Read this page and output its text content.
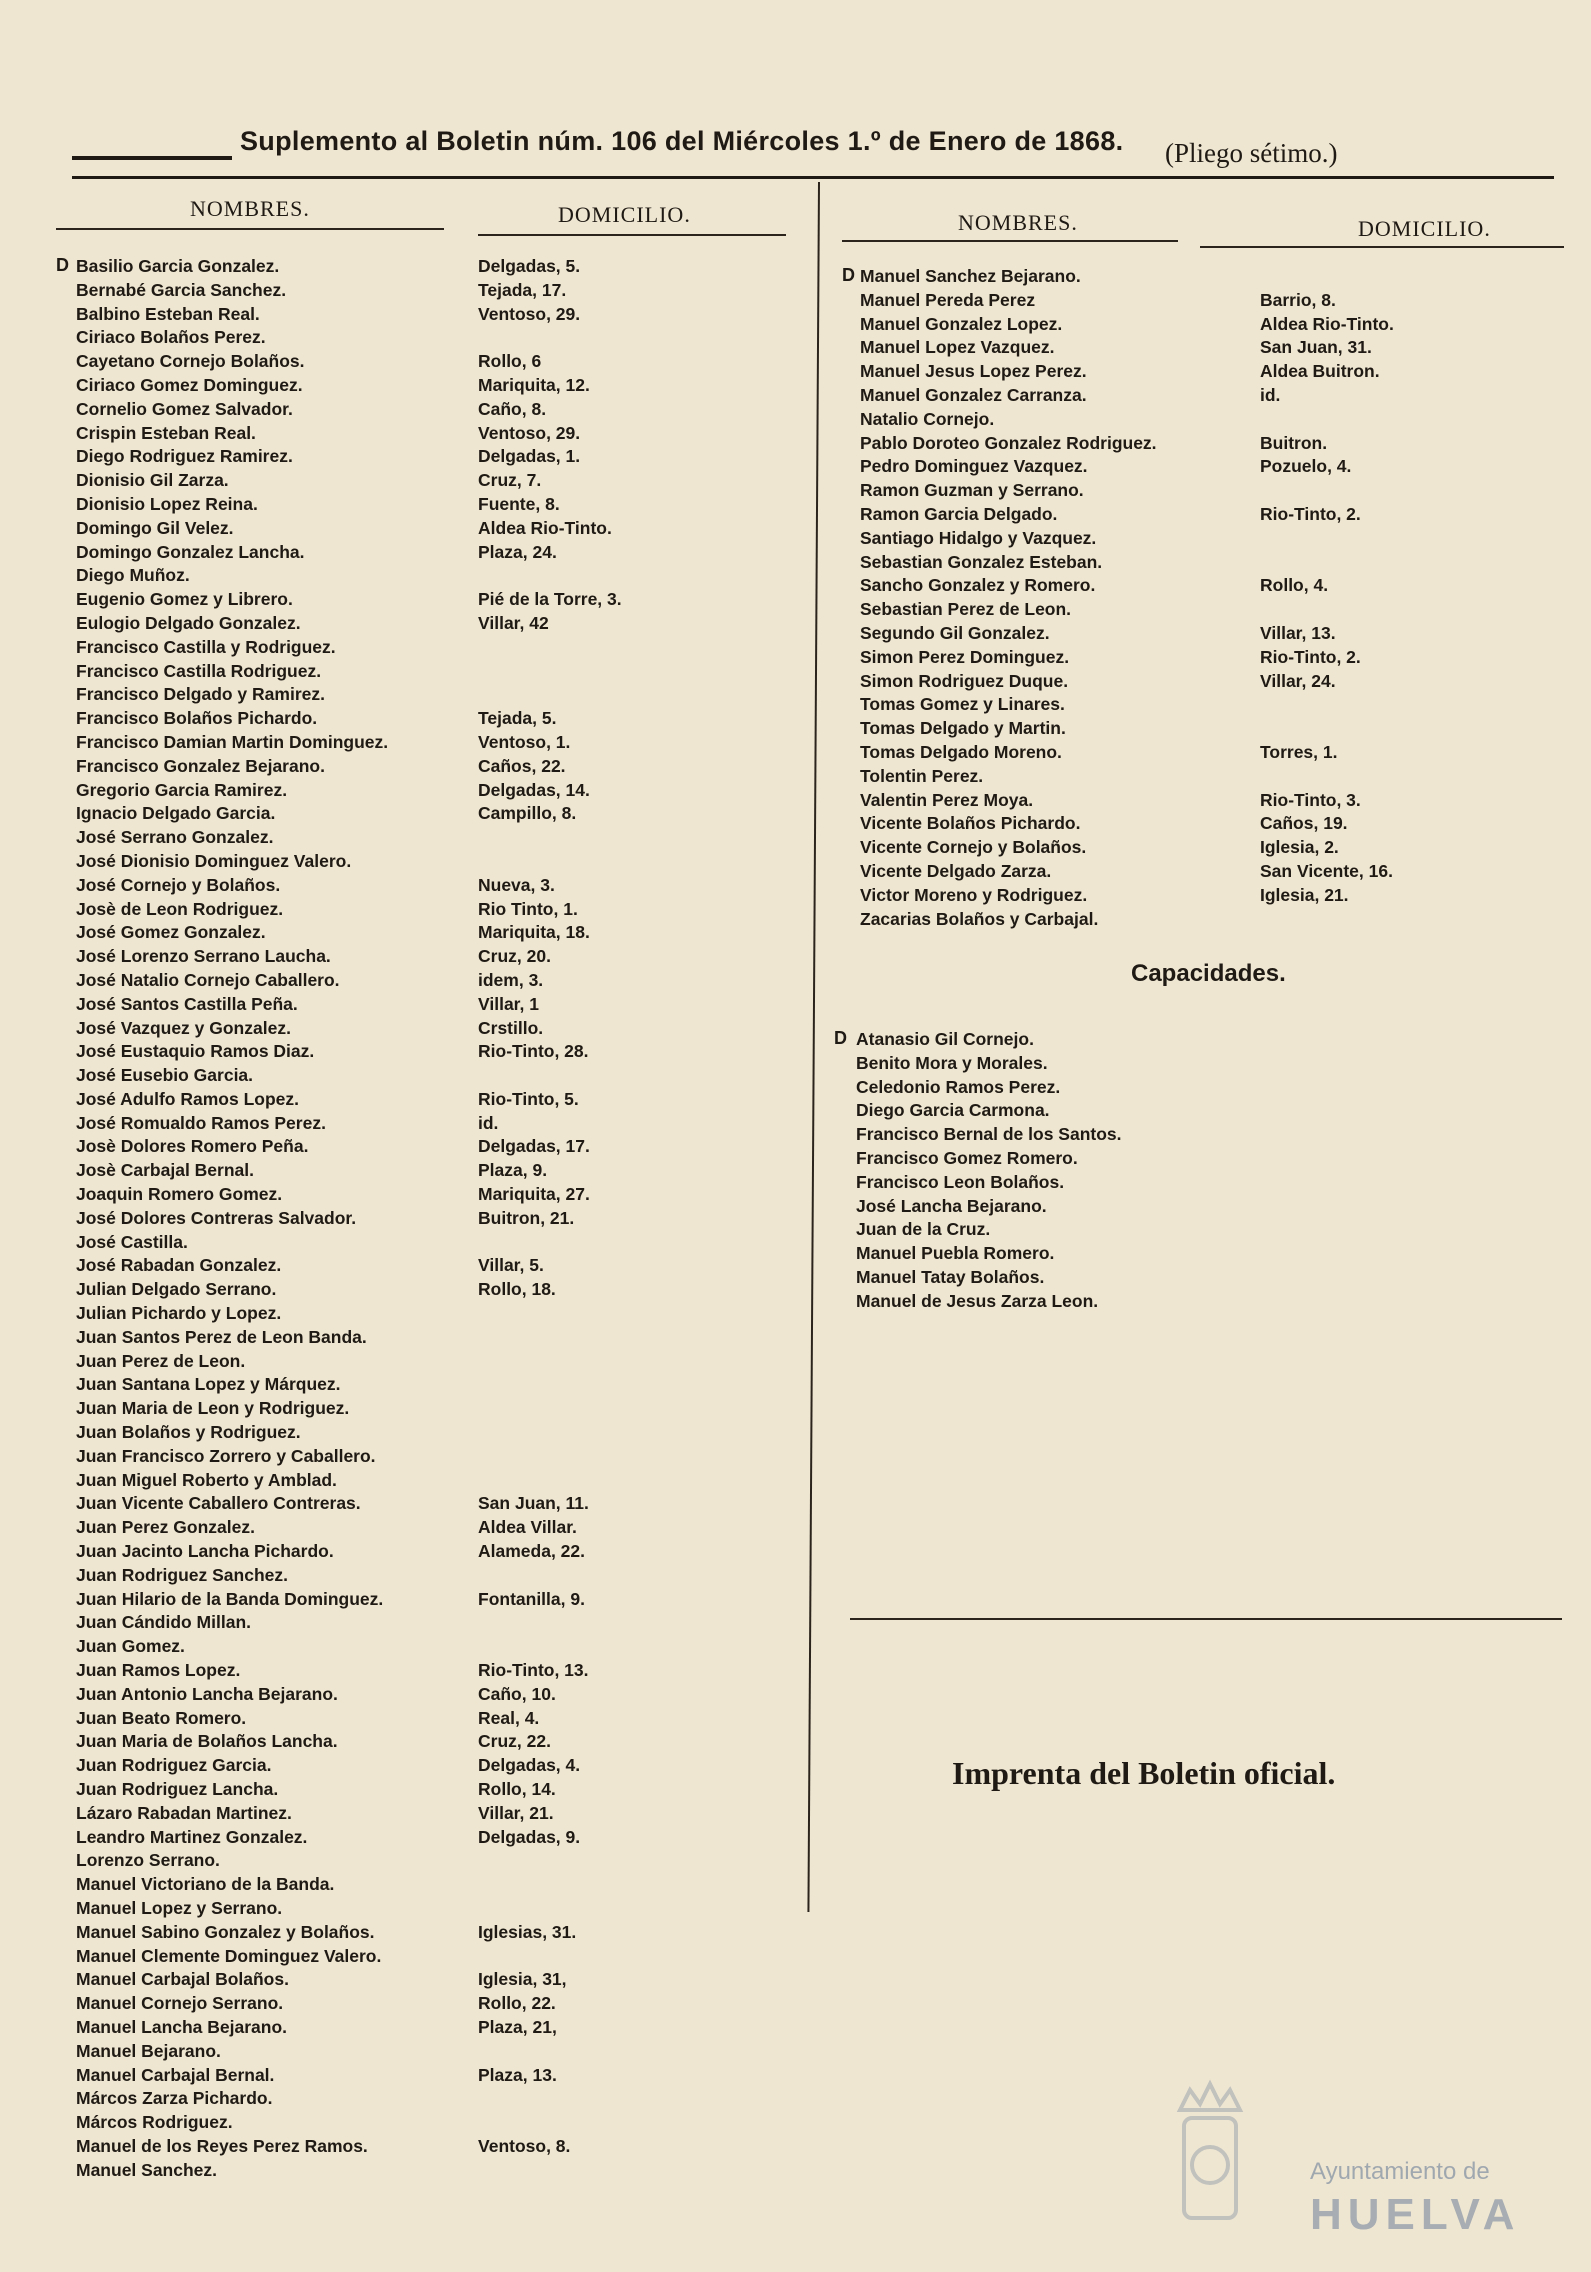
Suplemento al Boletin núm. 106 del Miércoles 1.º de Enero de 1868. (Pliego sétimo.)
NOMBRES.	DOMICILIO.	NOMBRES.	DOMICILIO.
D Basilio Garcia Gonzalez.	Delgadas, 5.
Bernabé Garcia Sanchez.	Tejada, 17.
Balbino Esteban Real.	Ventoso, 29.
Ciriaco Bolaños Perez.
Cayetano Cornejo Bolaños.	Rollo, 6
Ciriaco Gomez Dominguez.	Mariquita, 12.
Cornelio Gomez Salvador.	Caño, 8.
Crispin Esteban Real.	Ventoso, 29.
Diego Rodriguez Ramirez.	Delgadas, 1.
Dionisio Gil Zarza.	Cruz, 7.
Dionisio Lopez Reina.	Fuente, 8.
Domingo Gil Velez.	Aldea Rio-Tinto.
Domingo Gonzalez Lancha.	Plaza, 24.
Diego Muñoz.
Eugenio Gomez y Librero.	Pié de la Torre, 3.
Eulogio Delgado Gonzalez.	Villar, 42
Francisco Castilla y Rodriguez.
Francisco Castilla Rodriguez.
Francisco Delgado y Ramirez.
Francisco Bolaños Pichardo.	Tejada, 5.
Francisco Damian Martin Dominguez.	Ventoso, 1.
Francisco Gonzalez Bejarano.	Caños, 22.
Gregorio Garcia Ramirez.	Delgadas, 14.
Ignacio Delgado Garcia.	Campillo, 8.
José Serrano Gonzalez.
José Dionisio Dominguez Valero.
José Cornejo y Bolaños.	Nueva, 3.
Josè de Leon Rodriguez.	Rio Tinto, 1.
José Gomez Gonzalez.	Mariquita, 18.
José Lorenzo Serrano Laucha.	Cruz, 20.
José Natalio Cornejo Caballero.	idem, 3.
José Santos Castilla Peña.	Villar, 1
José Vazquez y Gonzalez.	Crstillo.
José Eustaquio Ramos Diaz.	Rio-Tinto, 28.
José Eusebio Garcia.
José Adulfo Ramos Lopez.	Rio-Tinto, 5.
José Romualdo Ramos Perez.	id.
Josè Dolores Romero Peña.	Delgadas, 17.
Josè Carbajal Bernal.	Plaza, 9.
Joaquin Romero Gomez.	Mariquita, 27.
José Dolores Contreras Salvador.	Buitron, 21.
José Castilla.
José Rabadan Gonzalez.	Villar, 5.
Julian Delgado Serrano.	Rollo, 18.
Julian Pichardo y Lopez.
Juan Santos Perez de Leon Banda.
Juan Perez de Leon.
Juan Santana Lopez y Márquez.
Juan Maria de Leon y Rodriguez.
Juan Bolaños y Rodriguez.
Juan Francisco Zorrero y Caballero.
Juan Miguel Roberto y Amblad.
Juan Vicente Caballero Contreras.	San Juan, 11.
Juan Perez Gonzalez.	Aldea Villar.
Juan Jacinto Lancha Pichardo.	Alameda, 22.
Juan Rodriguez Sanchez.
Juan Hilario de la Banda Dominguez.	Fontanilla, 9.
Juan Cándido Millan.
Juan Gomez.
Juan Ramos Lopez.	Rio-Tinto, 13.
Juan Antonio Lancha Bejarano.	Caño, 10.
Juan Beato Romero.	Real, 4.
Juan Maria de Bolaños Lancha.	Cruz, 22.
Juan Rodriguez Garcia.	Delgadas, 4.
Juan Rodriguez Lancha.	Rollo, 14.
Lázaro Rabadan Martinez.	Villar, 21.
Leandro Martinez Gonzalez.	Delgadas, 9.
Lorenzo Serrano.
Manuel Victoriano de la Banda.
Manuel Lopez y Serrano.
Manuel Sabino Gonzalez y Bolaños.	Iglesias, 31.
Manuel Clemente Dominguez Valero.
Manuel Carbajal Bolaños.	Iglesia, 31,
Manuel Cornejo Serrano.	Rollo, 22.
Manuel Lancha Bejarano.	Plaza, 21,
Manuel Bejarano.
Manuel Carbajal Bernal.	Plaza, 13.
Márcos Zarza Pichardo.
Márcos Rodriguez.
Manuel de los Reyes Perez Ramos.	Ventoso, 8.
Manuel Sanchez.
D Manuel Sanchez Bejarano.
Manuel Pereda Perez	Barrio, 8.
Manuel Gonzalez Lopez.	Aldea Rio-Tinto.
Manuel Lopez Vazquez.	San Juan, 31.
Manuel Jesus Lopez Perez.	Aldea Buitron.
Manuel Gonzalez Carranza.	id.
Natalio Cornejo.
Pablo Doroteo Gonzalez Rodriguez.	Buitron.
Pedro Dominguez Vazquez.	Pozuelo, 4.
Ramon Guzman y Serrano.
Ramon Garcia Delgado.	Rio-Tinto, 2.
Santiago Hidalgo y Vazquez.
Sebastian Gonzalez Esteban.
Sancho Gonzalez y Romero.	Rollo, 4.
Sebastian Perez de Leon.
Segundo Gil Gonzalez.	Villar, 13.
Simon Perez Dominguez.	Rio-Tinto, 2.
Simon Rodriguez Duque.	Villar, 24.
Tomas Gomez y Linares.
Tomas Delgado y Martin.
Tomas Delgado Moreno.	Torres, 1.
Tolentin Perez.
Valentin Perez Moya.	Rio-Tinto, 3.
Vicente Bolaños Pichardo.	Caños, 19.
Vicente Cornejo y Bolaños.	Iglesia, 2.
Vicente Delgado Zarza.	San Vicente, 16.
Victor Moreno y Rodriguez.	Iglesia, 21.
Zacarias Bolaños y Carbajal.
Capacidades.
D Atanasio Gil Cornejo.
Benito Mora y Morales.
Celedonio Ramos Perez.
Diego Garcia Carmona.
Francisco Bernal de los Santos.
Francisco Gomez Romero.
Francisco Leon Bolaños.
José Lancha Bejarano.
Juan de la Cruz.
Manuel Puebla Romero.
Manuel Tatay Bolaños.
Manuel de Jesus Zarza Leon.
Imprenta del Boletin oficial.
Ayuntamiento de
HUELVA
